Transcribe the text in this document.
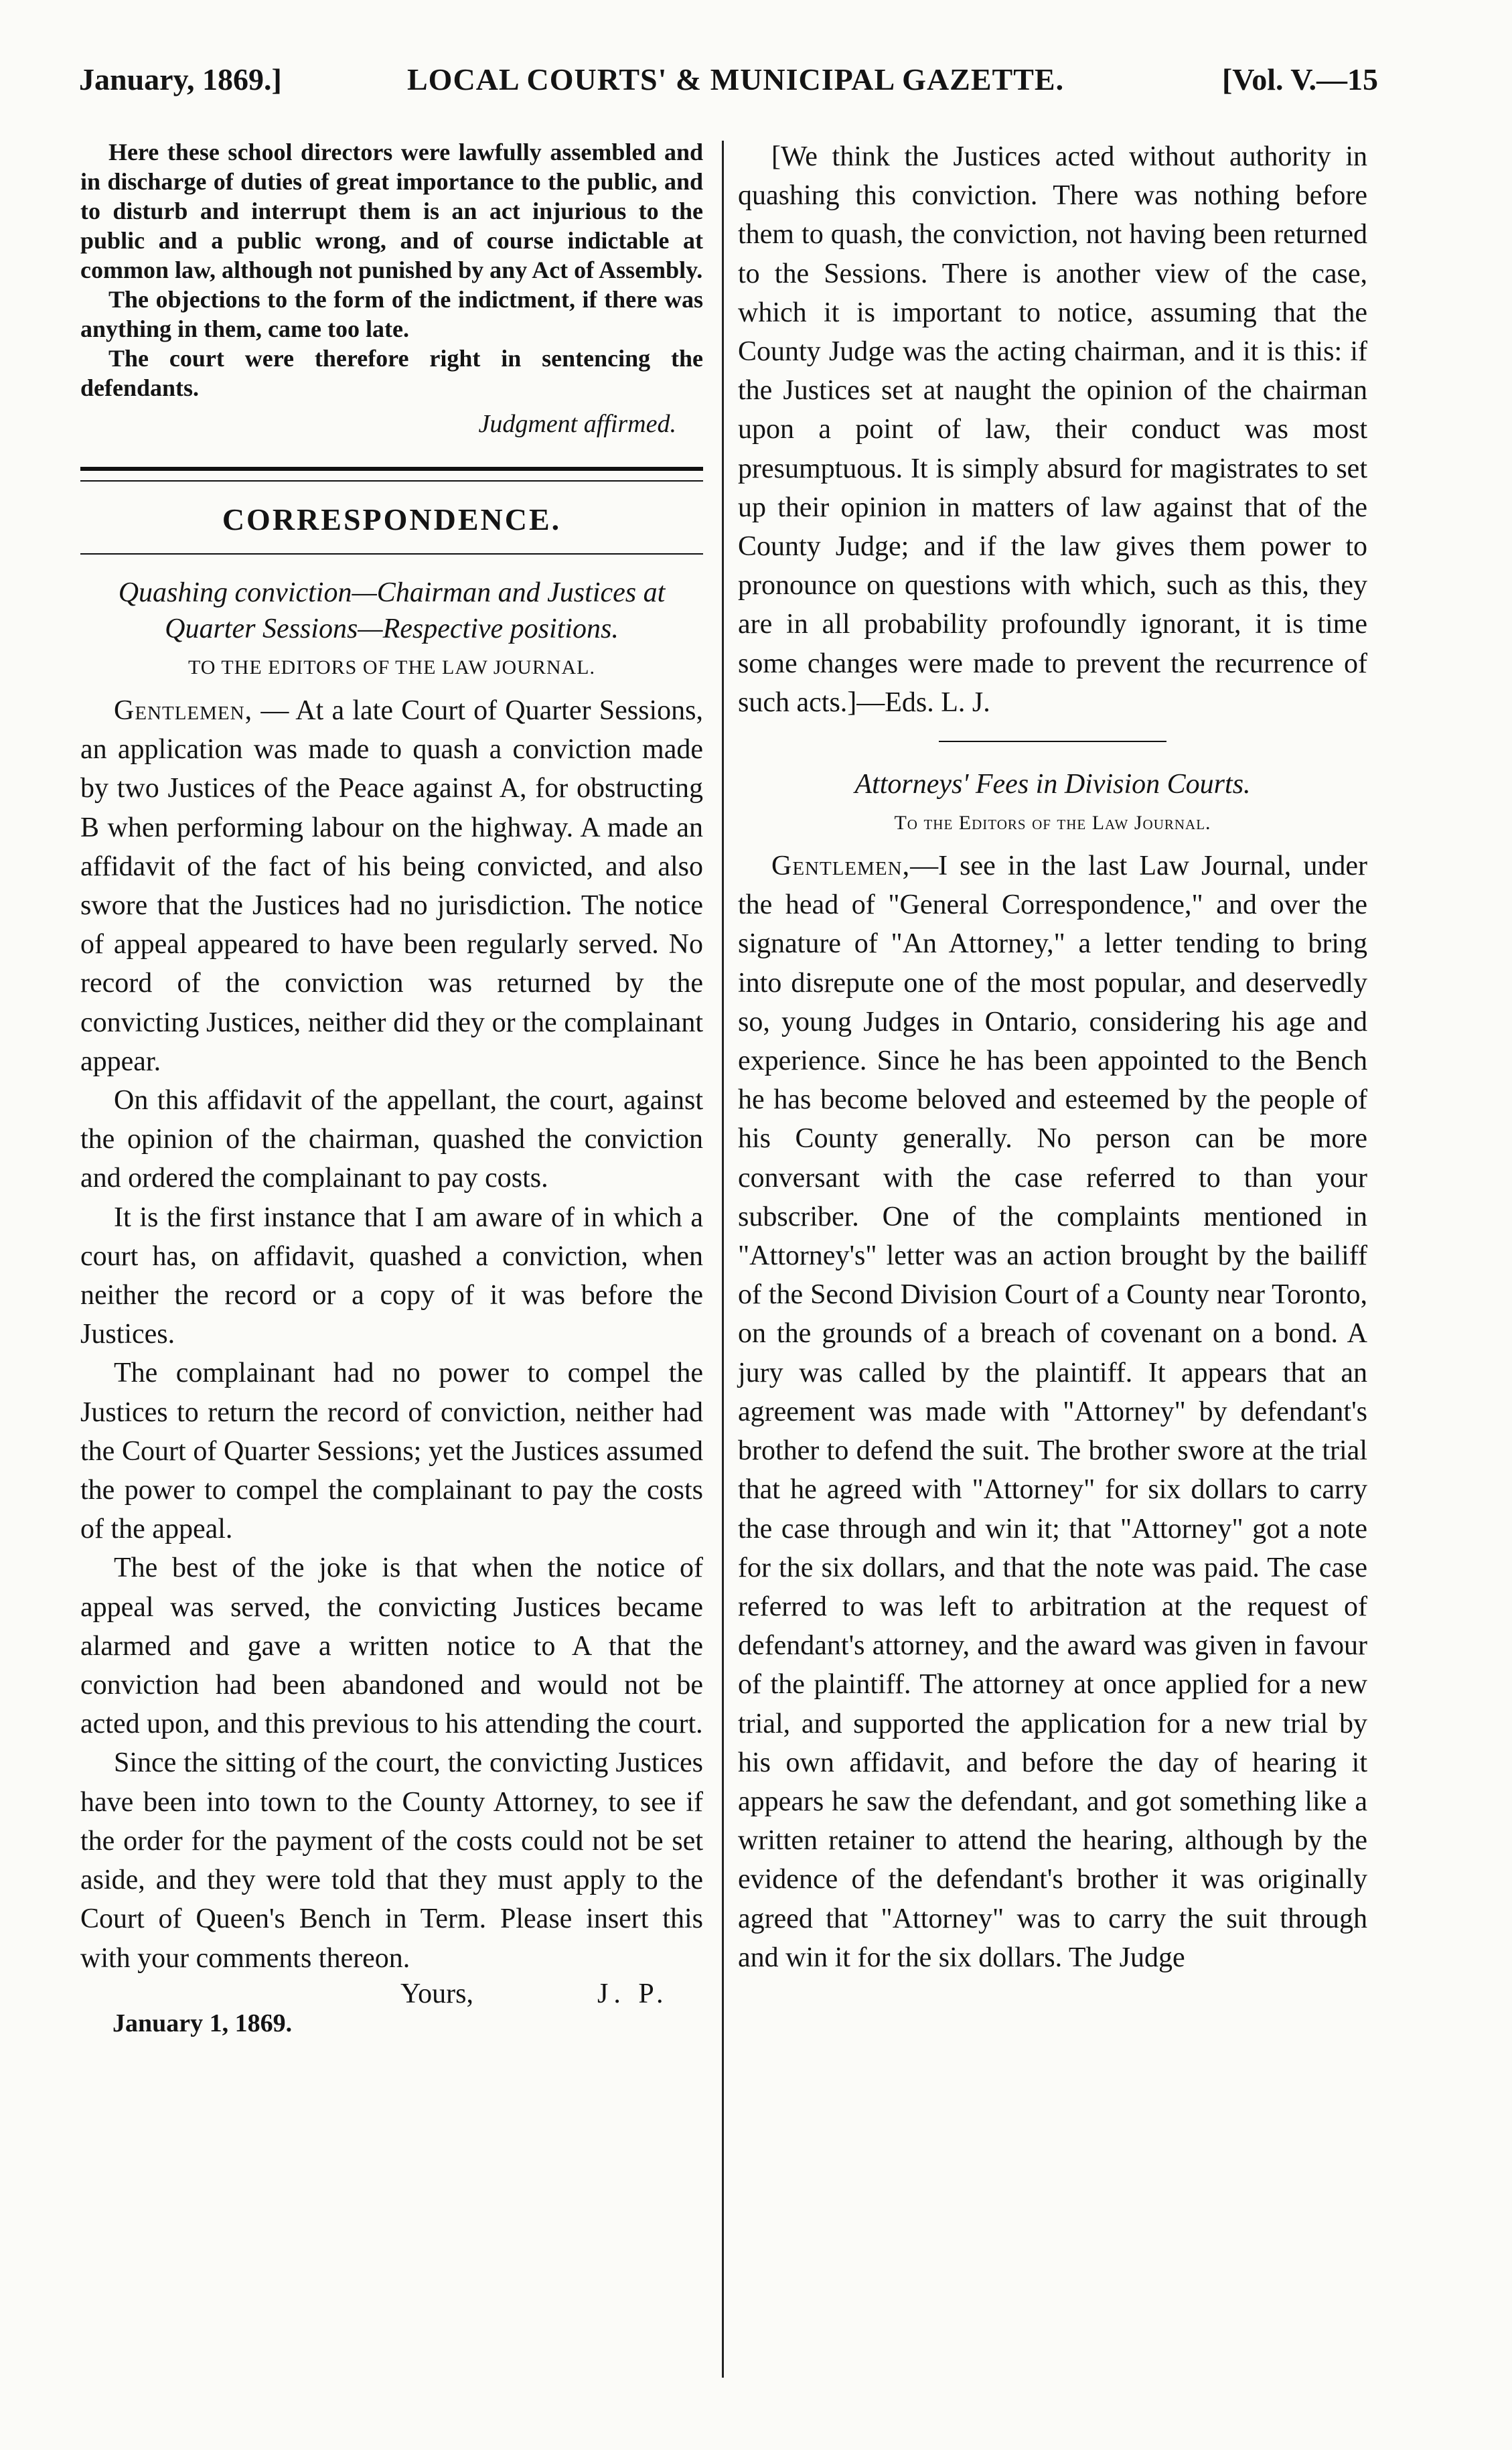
January, 1869.]	LOCAL COURTS' & MUNICIPAL GAZETTE.	[Vol. V.—15

Here these school directors were lawfully assembled and in discharge of duties of great importance to the public, and to disturb and interrupt them is an act injurious to the public and a public wrong, and of course indictable at common law, although not punished by any Act of Assembly.

The objections to the form of the indictment, if there was anything in them, came too late.

The court were therefore right in sentencing the defendants.

Judgment affirmed.
CORRESPONDENCE.
Quashing conviction—Chairman and Justices at Quarter Sessions—Respective positions.
TO THE EDITORS OF THE LAW JOURNAL.

Gentlemen, — At a late Court of Quarter Sessions, an application was made to quash a conviction made by two Justices of the Peace against A, for obstructing B when performing labour on the highway. A made an affidavit of the fact of his being convicted, and also swore that the Justices had no jurisdiction. The notice of appeal appeared to have been regularly served. No record of the conviction was returned by the convicting Justices, neither did they or the complainant appear.

On this affidavit of the appellant, the court, against the opinion of the chairman, quashed the conviction and ordered the complainant to pay costs.

It is the first instance that I am aware of in which a court has, on affidavit, quashed a conviction, when neither the record or a copy of it was before the Justices.

The complainant had no power to compel the Justices to return the record of conviction, neither had the Court of Quarter Sessions; yet the Justices assumed the power to compel the complainant to pay the costs of the appeal.

The best of the joke is that when the notice of appeal was served, the convicting Justices became alarmed and gave a written notice to A that the conviction had been abandoned and would not be acted upon, and this previous to his attending the court.

Since the sitting of the court, the convicting Justices have been into town to the County Attorney, to see if the order for the payment of the costs could not be set aside, and they were told that they must apply to the Court of Queen's Bench in Term. Please insert this with your comments thereon.

Yours,	J. P.
January 1, 1869.

[We think the Justices acted without authority in quashing this conviction. There was nothing before them to quash, the conviction, not having been returned to the Sessions. There is another view of the case, which it is important to notice, assuming that the County Judge was the acting chairman, and it is this: if the Justices set at naught the opinion of the chairman upon a point of law, their conduct was most presumptuous. It is simply absurd for magistrates to set up their opinion in matters of law against that of the County Judge; and if the law gives them power to pronounce on questions with which, such as this, they are in all probability profoundly ignorant, it is time some changes were made to prevent the recurrence of such acts.]—Eds. L. J.

Attorneys' Fees in Division Courts.
To the Editors of the Law Journal.

Gentlemen,—I see in the last Law Journal, under the head of "General Correspondence," and over the signature of "An Attorney," a letter tending to bring into disrepute one of the most popular, and deservedly so, young Judges in Ontario, considering his age and experience. Since he has been appointed to the Bench he has become beloved and esteemed by the people of his County generally. No person can be more conversant with the case referred to than your subscriber. One of the complaints mentioned in "Attorney's" letter was an action brought by the bailiff of the Second Division Court of a County near Toronto, on the grounds of a breach of covenant on a bond. A jury was called by the plaintiff. It appears that an agreement was made with "Attorney" by defendant's brother to defend the suit. The brother swore at the trial that he agreed with "Attorney" for six dollars to carry the case through and win it; that "Attorney" got a note for the six dollars, and that the note was paid. The case referred to was left to arbitration at the request of defendant's attorney, and the award was given in favour of the plaintiff. The attorney at once applied for a new trial, and supported the application for a new trial by his own affidavit, and before the day of hearing it appears he saw the defendant, and got something like a written retainer to attend the hearing, although by the evidence of the defendant's brother it was originally agreed that "Attorney" was to carry the suit through and win it for the six dollars. The Judge
